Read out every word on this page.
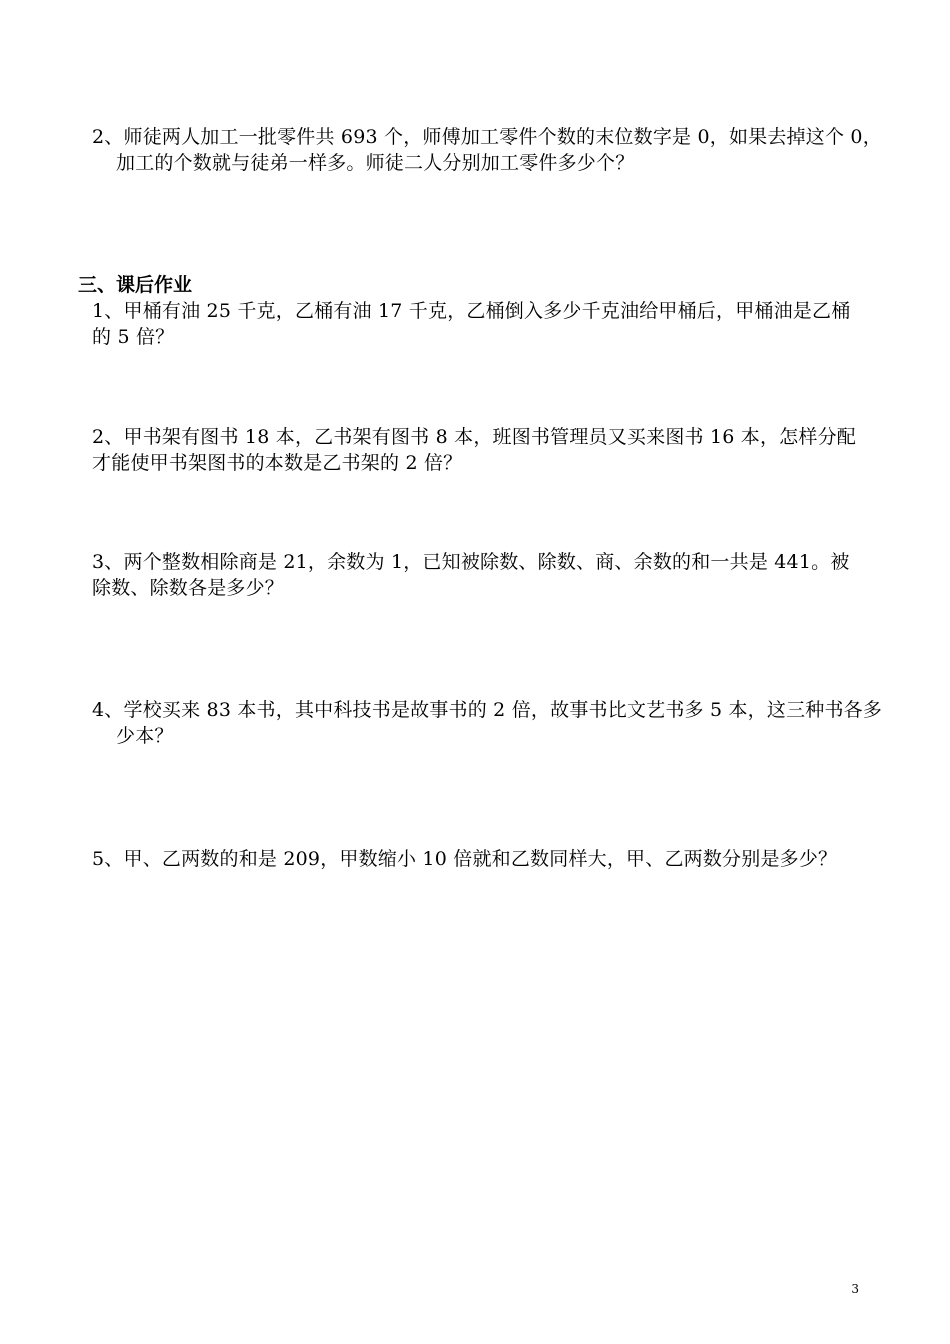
2、师徒两人加工一批零件共 693 个，师傅加工零件个数的末位数字是 0，如果去掉这个 0，加工的个数就与徒弟一样多。师徒二人分别加工零件多少个？
三、课后作业
1、甲桶有油 25 千克，乙桶有油 17 千克，乙桶倒入多少千克油给甲桶后，甲桶油是乙桶的 5 倍？
2、甲书架有图书 18 本，乙书架有图书 8 本，班图书管理员又买来图书 16 本，怎样分配才能使甲书架图书的本数是乙书架的 2 倍？
3、两个整数相除商是 21，余数为 1，已知被除数、除数、商、余数的和一共是 441。被除数、除数各是多少？
4、学校买来 83 本书，其中科技书是故事书的 2 倍，故事书比文艺书多 5 本，这三种书各多少本？
5、甲、乙两数的和是 209，甲数缩小 10 倍就和乙数同样大，甲、乙两数分别是多少？
3
